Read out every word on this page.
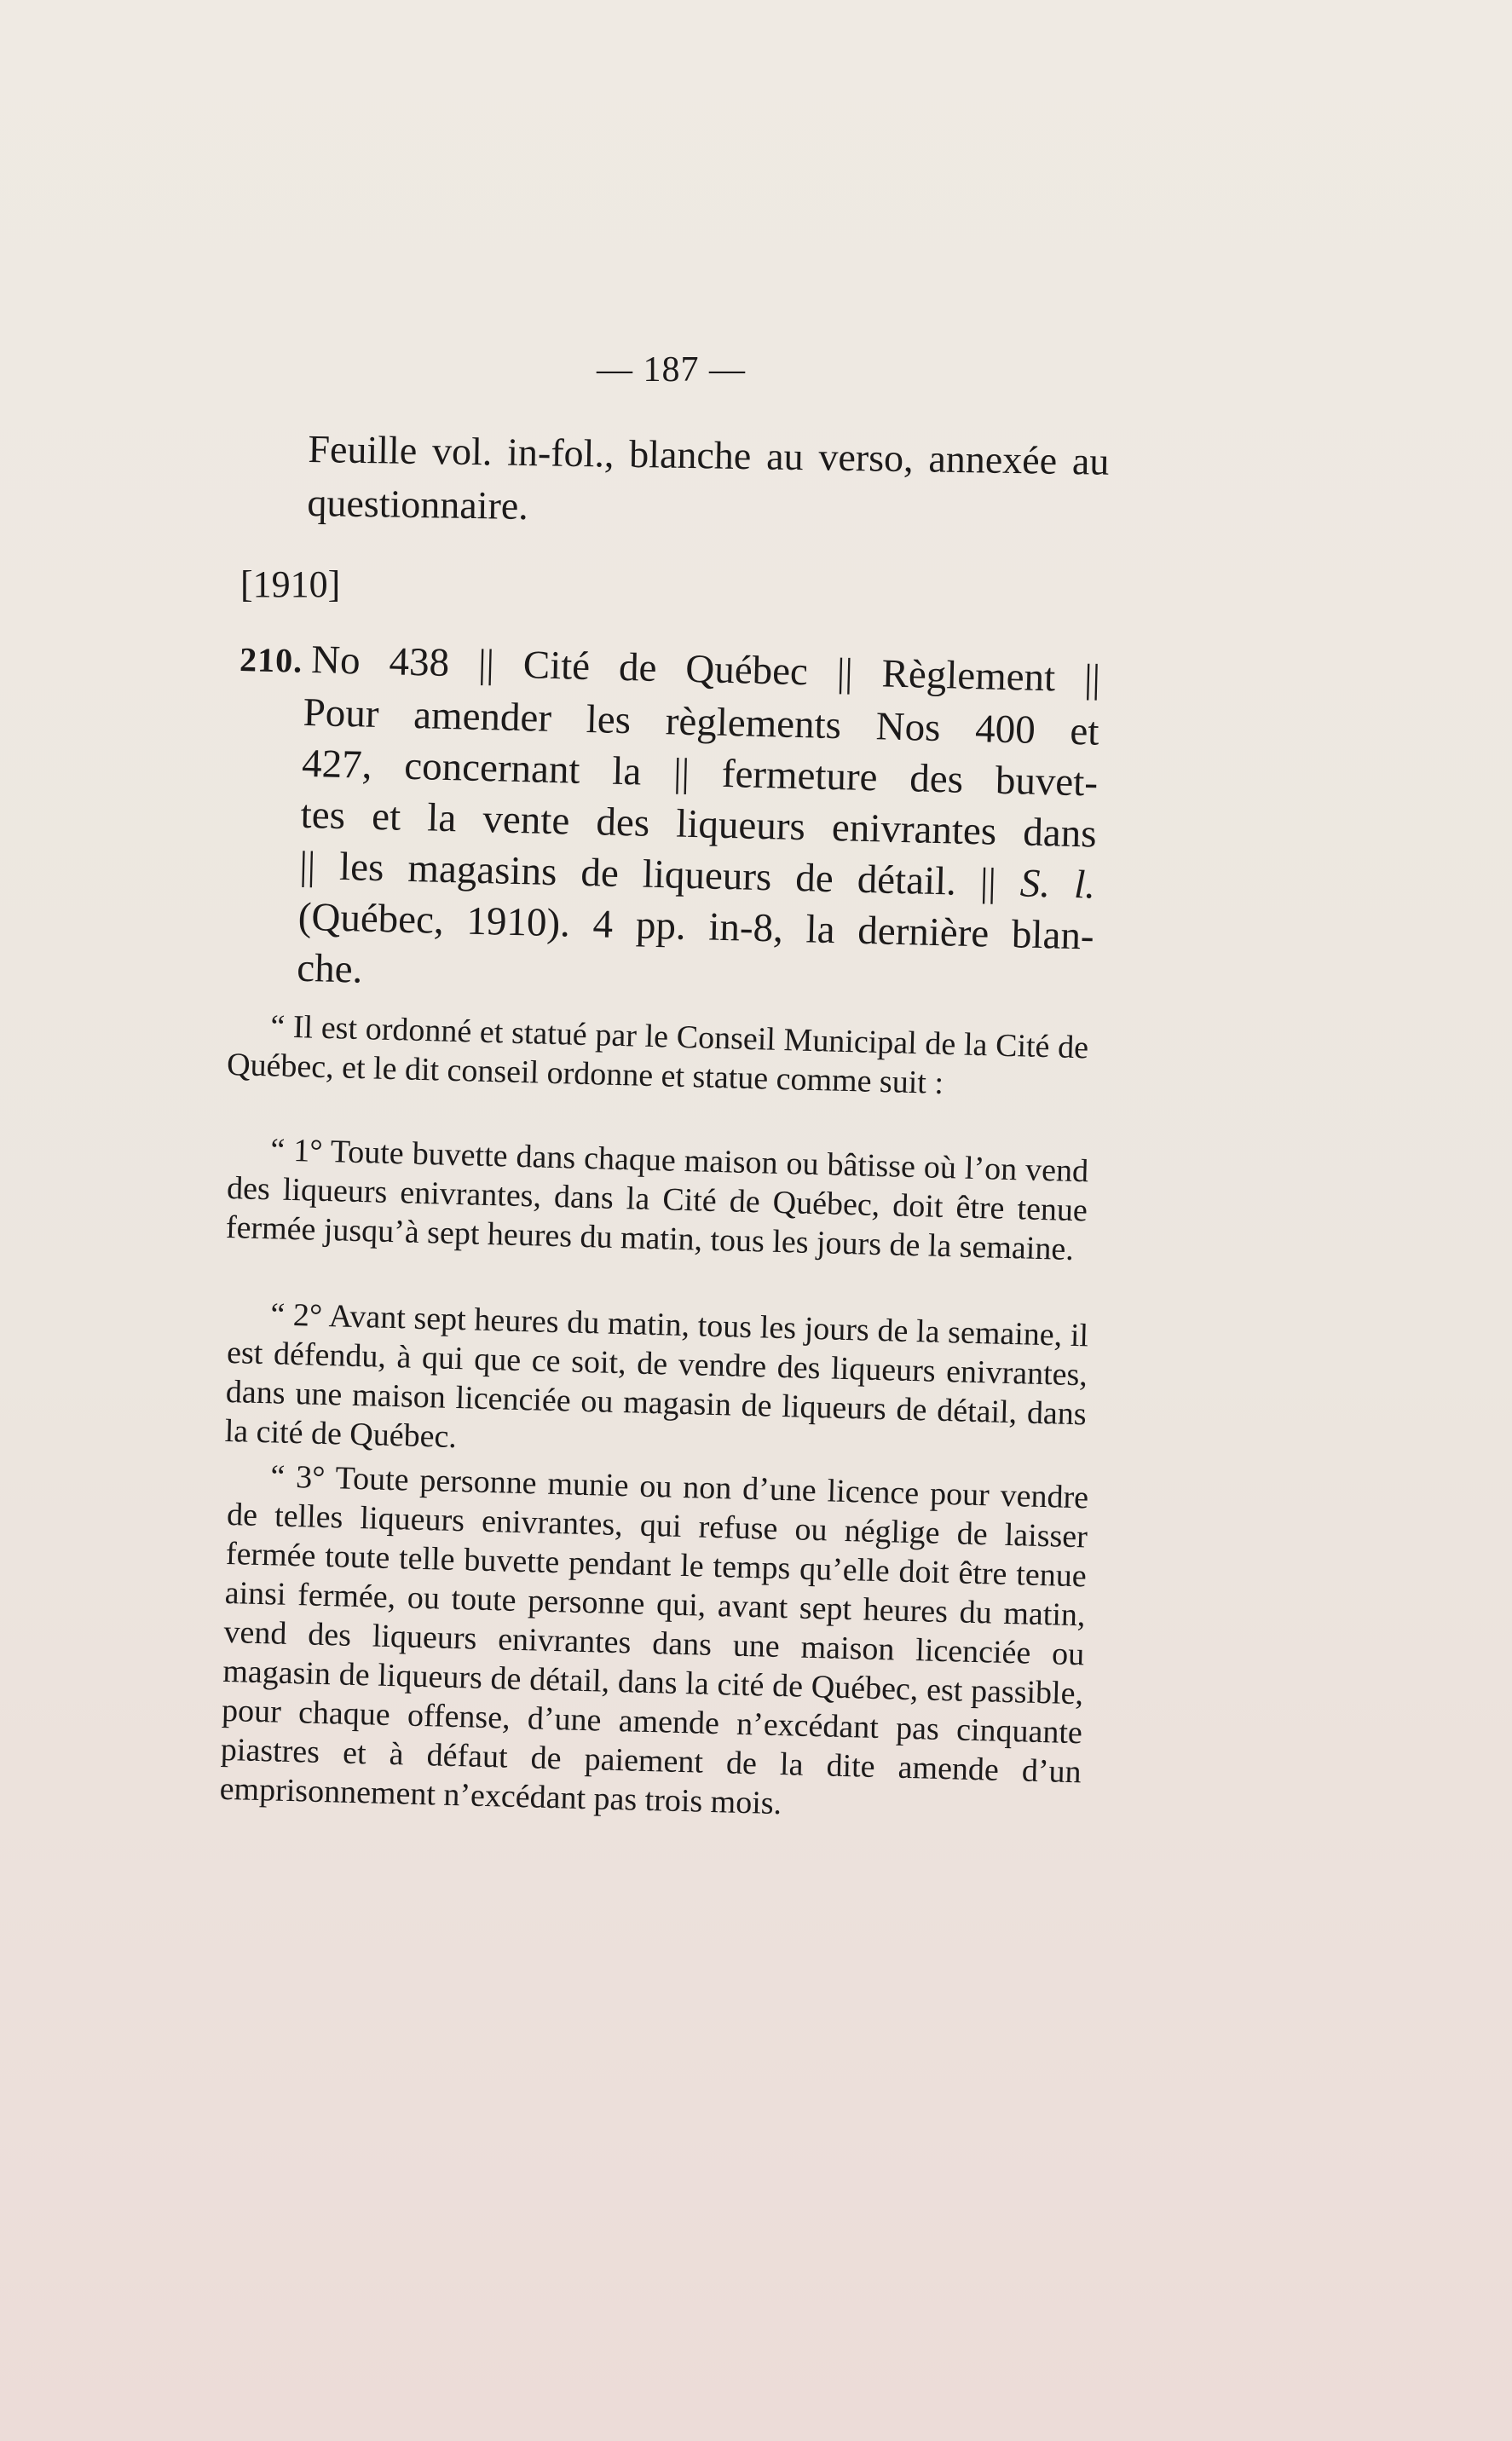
— 187 —
Feuille vol. in-fol., blanche au verso, annexée au questionnaire.
[1910]
210. No 438 || Cité de Québec || Règlement ||
Pour amender les règlements Nos 400 et
427, concernant la || fermeture des buvet-
tes et la vente des liqueurs enivrantes dans
|| les magasins de liqueurs de détail. || S. l.
(Québec, 1910). 4 pp. in-8, la dernière blan-
che.

“ Il est ordonné et statué par le Conseil Municipal de la Cité de Québec, et le dit conseil ordonne et statue comme suit :

“ 1° Toute buvette dans chaque maison ou bâtisse où l’on vend des liqueurs enivrantes, dans la Cité de Québec, doit être tenue fermée jusqu’à sept heures du matin, tous les jours de la semaine.

“ 2° Avant sept heures du matin, tous les jours de la semaine, il est défendu, à qui que ce soit, de vendre des liqueurs enivrantes, dans une maison licenciée ou magasin de liqueurs de détail, dans la cité de Québec.

“ 3° Toute personne munie ou non d’une licence pour vendre de telles liqueurs enivrantes, qui refuse ou néglige de laisser fermée toute telle buvette pendant le temps qu’elle doit être tenue ainsi fermée, ou toute personne qui, avant sept heures du matin, vend des liqueurs enivrantes dans une maison licenciée ou magasin de liqueurs de détail, dans la cité de Québec, est passible, pour chaque offense, d’une amende n’excédant pas cinquante piastres et à défaut de paiement de la dite amende d’un emprisonnement n’excédant pas trois mois.
